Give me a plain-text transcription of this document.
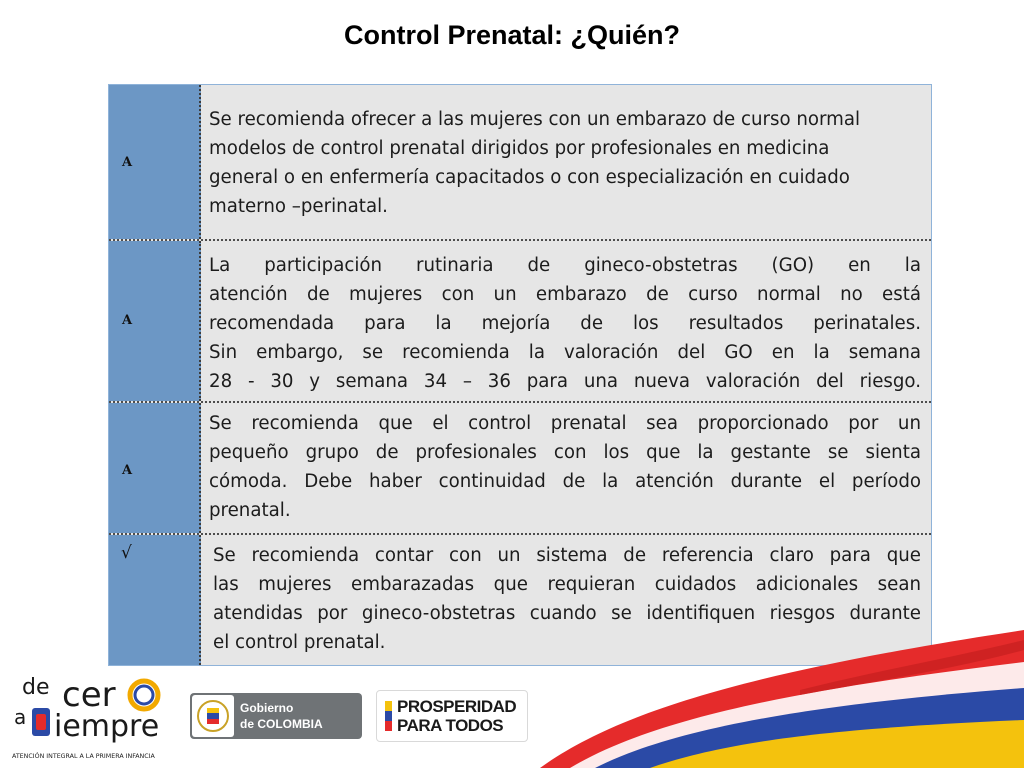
Control Prenatal: ¿Quién?
A
Se recomienda ofrecer a las mujeres con un embarazo de curso normal
modelos de control prenatal dirigidos por profesionales en medicina
general o en enfermería capacitados o con especialización en cuidado
materno –perinatal.
A
La participación rutinaria de gineco-obstetras (GO) en la
atención de mujeres con un embarazo de curso normal no está
recomendada para la mejoría de los resultados perinatales.
Sin embargo, se recomienda la valoración del GO en la semana
28 - 30 y semana 34 – 36 para una nueva valoración del riesgo.
A
Se recomienda que el control prenatal sea proporcionado por un
pequeño grupo de profesionales con los que la gestante se sienta
cómoda. Debe haber continuidad de la atención durante el período
prenatal.
√	Se recomienda contar con un sistema de referencia claro para que
las mujeres embarazadas que requieran cuidados adicionales sean
atendidas por gineco-obstetras cuando se identifiquen riesgos durante
el control prenatal.
de cer
a iempre
ATENCIÓN INTEGRAL A LA PRIMERA INFANCIA
Gobierno
de COLOMBIA
PROSPERIDAD
PARA TODOS
